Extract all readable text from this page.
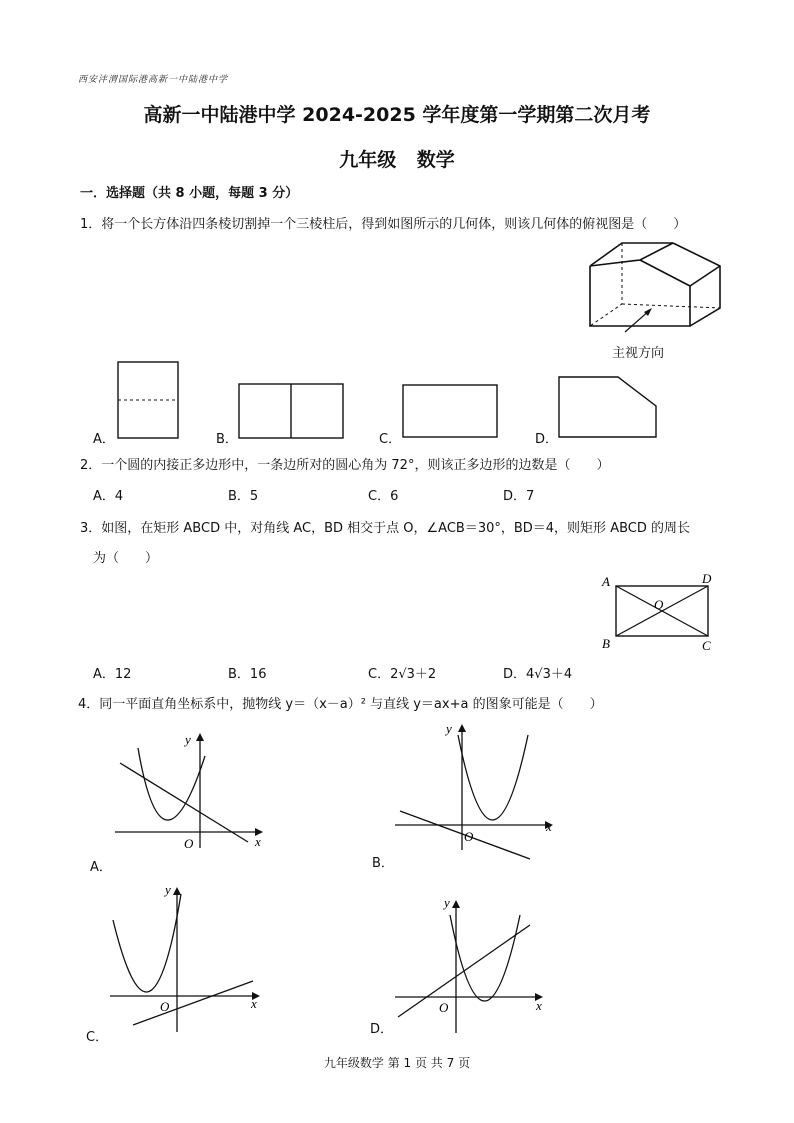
西安沣渭国际港高新一中陆港中学
高新一中陆港中学 2024-2025 学年度第一学期第二次月考
九年级 数学
一．选择题（共 8 小题，每题 3 分）
1．将一个长方体沿四条棱切割掉一个三棱柱后，得到如图所示的几何体，则该几何体的俯视图是（　　）
主视方向
A．	B．	C．	D．
2．一个圆的内接正多边形中，一条边所对的圆心角为 72°，则该正多边形的边数是（　　）
A．4	B．5	C．6	D．7
3．如图，在矩形 ABCD 中，对角线 AC，BD 相交于点 O，∠ACB＝30°，BD＝4，则矩形 ABCD 的周长
为（　　）
A	D
B	C
O
A．12	B．16	C．2√3＋2	D．4√3＋4
4．同一平面直角坐标系中，抛物线 y＝（x－a）² 与直线 y＝ax+a 的图象可能是（　　）
O	x
y
A．
O
x
y
B．
O	x
y
C．
O	x
y
D．
九年级数学 第 1 页 共 7 页
